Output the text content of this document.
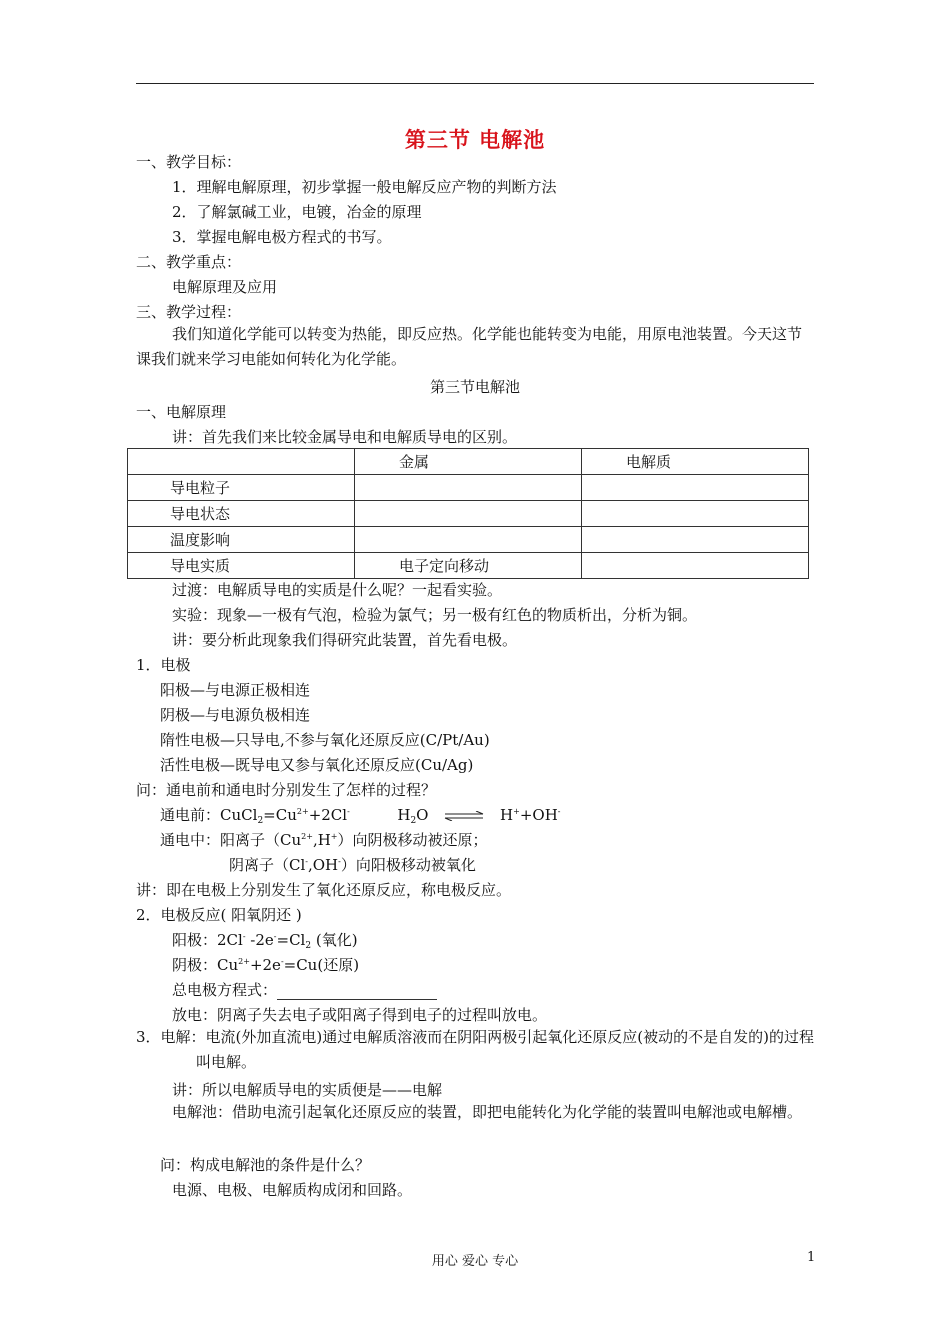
第三节 电解池
一、教学目标：
1．理解电解原理，初步掌握一般电解反应产物的判断方法
2．了解氯碱工业，电镀，冶金的原理
3．掌握电解电极方程式的书写。
二、教学重点：
电解原理及应用
三、教学过程：
我们知道化学能可以转变为热能，即反应热。化学能也能转变为电能，用原电池装置。今天这节课我们就来学习电能如何转化为化学能。
第三节电解池
一、电解原理
讲：首先我们来比较金属导电和电解质导电的区别。
	金属	电解质
导电粒子		
导电状态		
温度影响		
导电实质	电子定向移动	
过渡：电解质导电的实质是什么呢？一起看实验。
实验：现象—一极有气泡，检验为氯气；另一极有红色的物质析出，分析为铜。
讲：要分析此现象我们得研究此装置，首先看电极。
1．电极
阳极—与电源正极相连
阴极—与电源负极相连
隋性电极—只导电,不参与氧化还原反应(C/Pt/Au)
活性电极—既导电又参与氧化还原反应(Cu/Ag)
问：通电前和通电时分别发生了怎样的过程？
通电前：$CuCl_2=Cu^{2+}+2Cl^-$	$H_2O$ ⇌ H++OH-
通电中：阳离子$(Cu^{2+},H^+)$向阴极移动被还原；
阴离子（Cl-,OH-）向阳极移动被氧化
讲：即在电极上分别发生了氧化还原反应，称电极反应。
2．电极反应( 阳氧阴还 )
阳极：2Cl- $-2e^-=Cl_2$ (氧化)
阴极：$Cu^{2+}+2e^-=Cu$(还原)
总电极方程式：
放电：阴离子失去电子或阳离子得到电子的过程叫放电。
3．电解：电流(外加直流电)通过电解质溶液而在阴阳两极引起氧化还原反应(被动的不是自发的)的过程叫电解。
讲：所以电解质导电的实质便是——电解
电解池：借助电流引起氧化还原反应的装置，即把电能转化为化学能的装置叫电解池或电解槽。
问：构成电解池的条件是什么？
电源、电极、电解质构成闭和回路。
用心 爱心 专心	1
